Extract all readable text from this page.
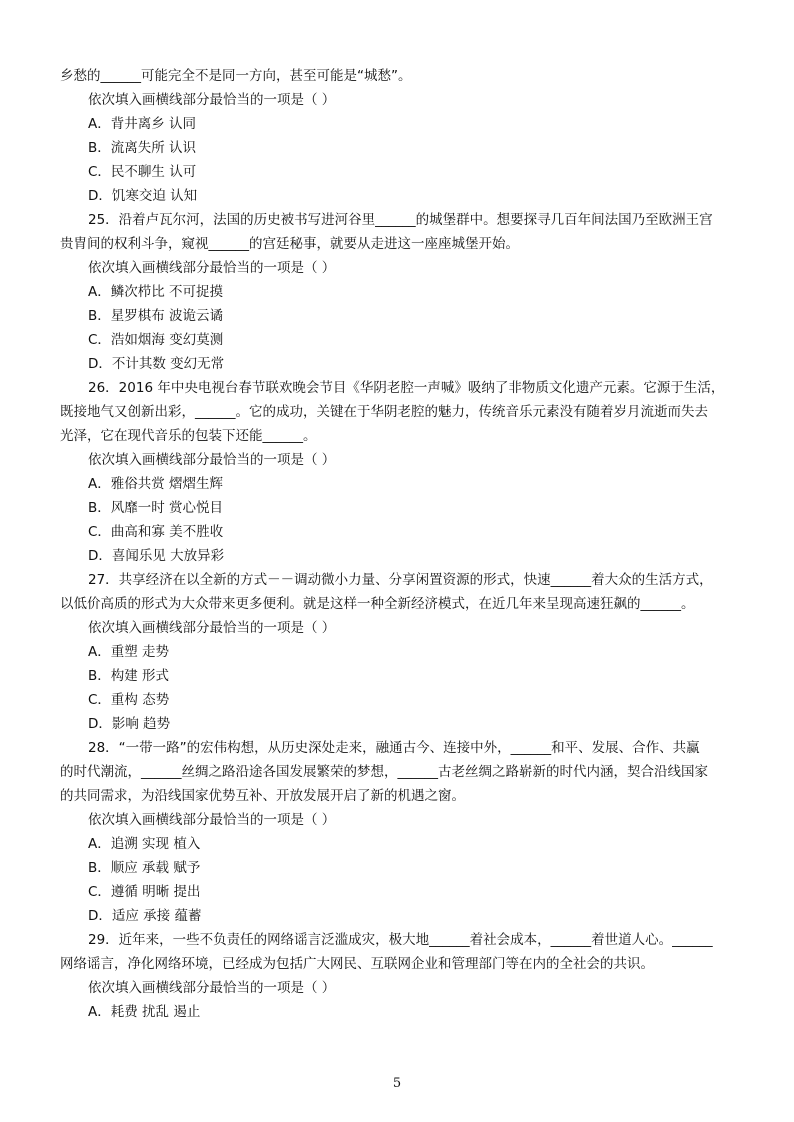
乡愁的______可能完全不是同一方向，甚至可能是“城愁”。
依次填入画横线部分最恰当的一项是（ ）
A．背井离乡 认同
B．流离失所 认识
C．民不聊生 认可
D．饥寒交迫 认知
25．沿着卢瓦尔河，法国的历史被书写进河谷里______的城堡群中。想要探寻几百年间法国乃至欧洲王宫
贵胄间的权利斗争，窥视______的宫廷秘事，就要从走进这一座座城堡开始。
依次填入画横线部分最恰当的一项是（ ）
A．鳞次栉比 不可捉摸
B．星罗棋布 波诡云谲
C．浩如烟海 变幻莫测
D．不计其数 变幻无常
26．2016 年中央电视台春节联欢晚会节目《华阴老腔一声喊》吸纳了非物质文化遗产元素。它源于生活，
既接地气又创新出彩，______。它的成功，关键在于华阴老腔的魅力，传统音乐元素没有随着岁月流逝而失去
光泽，它在现代音乐的包装下还能______。
依次填入画横线部分最恰当的一项是（ ）
A．雅俗共赏 熠熠生辉
B．风靡一时 赏心悦目
C．曲高和寡 美不胜收
D．喜闻乐见 大放异彩
27．共享经济在以全新的方式－－调动微小力量、分享闲置资源的形式，快速______着大众的生活方式，
以低价高质的形式为大众带来更多便利。就是这样一种全新经济模式，在近几年来呈现高速狂飙的______。
依次填入画横线部分最恰当的一项是（ ）
A．重塑 走势
B．构建 形式
C．重构 态势
D．影响 趋势
28．“一带一路”的宏伟构想，从历史深处走来，融通古今、连接中外，______和平、发展、合作、共赢
的时代潮流，______丝绸之路沿途各国发展繁荣的梦想，______古老丝绸之路崭新的时代内涵，契合沿线国家
的共同需求，为沿线国家优势互补、开放发展开启了新的机遇之窗。
依次填入画横线部分最恰当的一项是（ ）
A．追溯 实现 植入
B．顺应 承载 赋予
C．遵循 明晰 提出
D．适应 承接 蕴蓄
29．近年来，一些不负责任的网络谣言泛滥成灾，极大地______着社会成本，______着世道人心。______
网络谣言，净化网络环境，已经成为包括广大网民、互联网企业和管理部门等在内的全社会的共识。
依次填入画横线部分最恰当的一项是（ ）
A．耗费 扰乱 遏止
5
